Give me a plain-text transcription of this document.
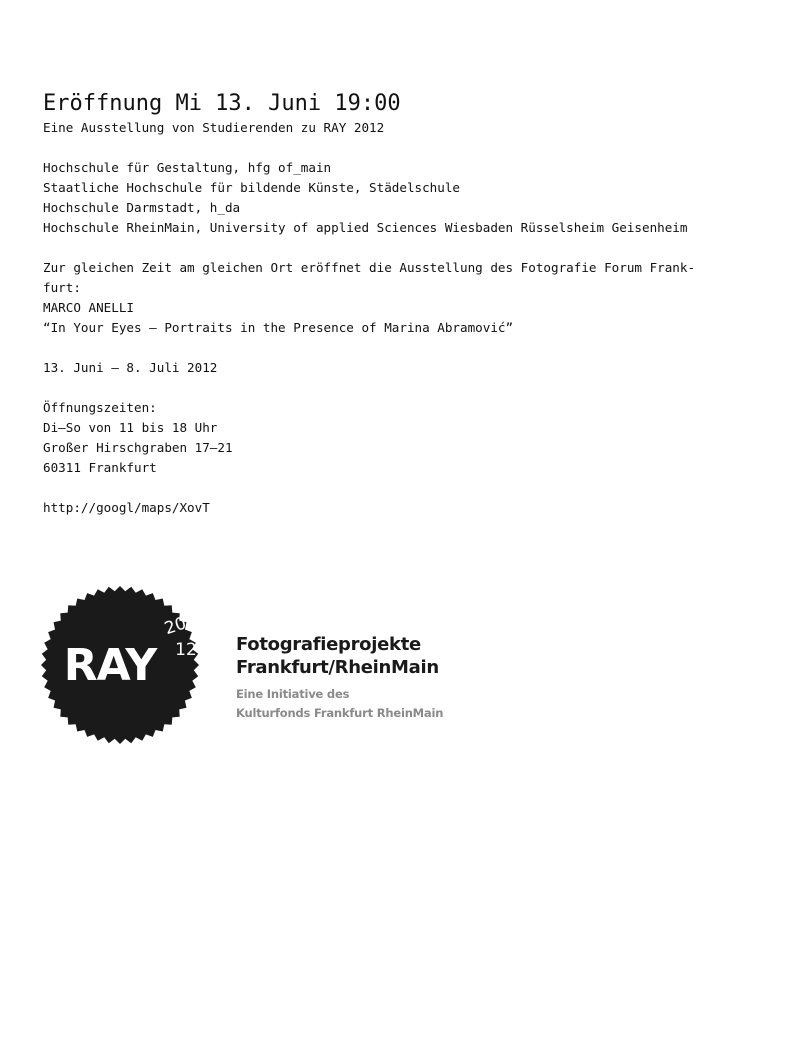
Eröffnung Mi 13. Juni 19:00

Eine Ausstellung von Studierenden zu RAY 2012

Hochschule für Gestaltung, hfg of_main

Staatliche Hochschule für bildende Künste, Städelschule

Hochschule Darmstadt, h_da

Hochschule RheinMain, University of applied Sciences Wiesbaden Rüsselsheim Geisenheim

Zur gleichen Zeit am gleichen Ort eröffnet die Ausstellung des Fotografie Forum Frank-

furt:

MARCO ANELLI

“In Your Eyes – Portraits in the Presence of Marina Abramović”

13. Juni – 8. Juli 2012

Öffnungszeiten:

Di–So von 11 bis 18 Uhr

Großer Hirschgraben 17–21

60311 Frankfurt

http://googl/maps/XovT

RAY
20
12 Fotografieprojekte

Frankfurt/RheinMain

Eine Initiative des

Kulturfonds Frankfurt RheinMain
